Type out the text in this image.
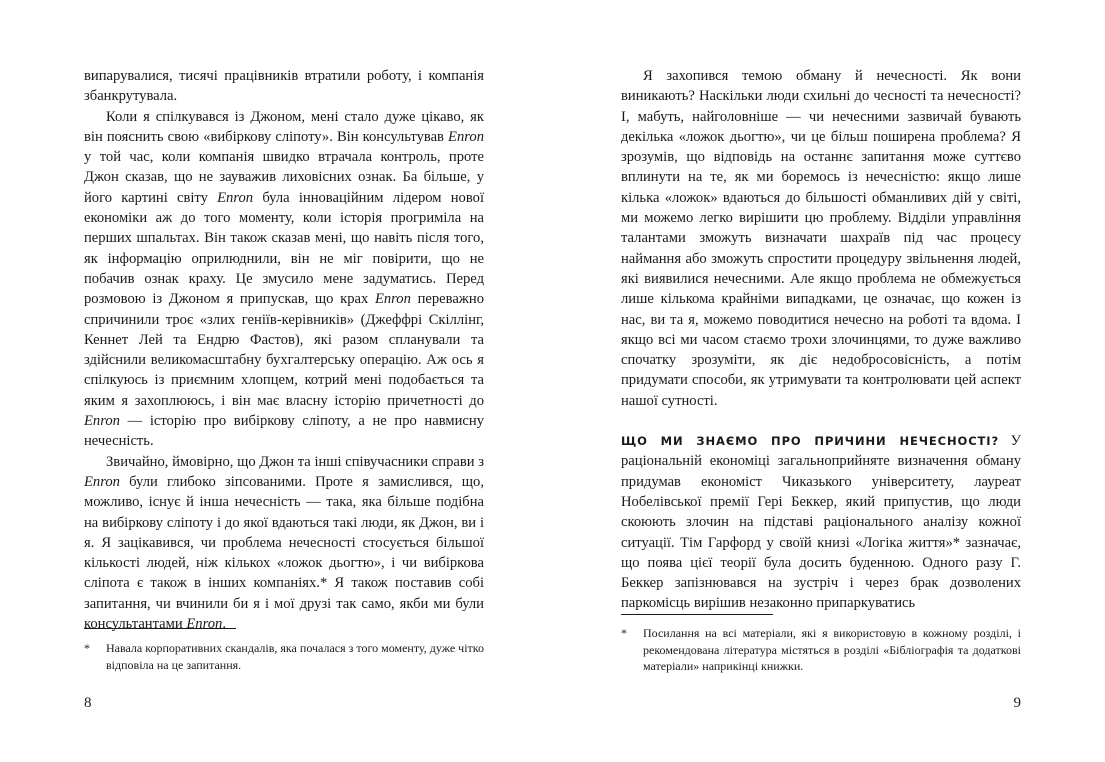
випарувалися, тисячі працівників втратили роботу, і компанія збанкрутувала.

Коли я спілкувався із Джоном, мені стало дуже цікаво, як він пояснить свою «вибіркову сліпоту». Він консультував Enron у той час, коли компанія швидко втрачала контроль, проте Джон сказав, що не зауважив лиховісних ознак. Ба більше, у його картині світу Enron була інноваційним лідером нової економіки аж до того моменту, коли історія прогриміла на перших шпальтах. Він також сказав мені, що навіть після того, як інформацію оприлюднили, він не міг повірити, що не побачив ознак краху. Це змусило мене задуматись. Перед розмовою із Джоном я припускав, що крах Enron переважно спричинили троє «злих геніїв-керівників» (Джеффрі Скіллінг, Кеннет Лей та Ендрю Фастов), які разом спланували та здійснили великомасштабну бухгалтерську операцію. Аж ось я спілкуюсь із приємним хлопцем, котрий мені подобається та яким я захоплююсь, і він має власну історію причетності до Enron — історію про вибіркову сліпоту, а не про навмисну нечесність.

Звичайно, ймовірно, що Джон та інші співучасники справи з Enron були глибоко зіпсованими. Проте я замислився, що, можливо, існує й інша нечесність — така, яка більше подібна на вибіркову сліпоту і до якої вдаються такі люди, як Джон, ви і я. Я зацікавився, чи проблема нечесності стосується більшої кількості людей, ніж кількох «ложок дьогтю», і чи вибіркова сліпота є також в інших компаніях.* Я також поставив собі запитання, чи вчинили би я і мої друзі так само, якби ми були консультантами Enron.

*	Навала корпоративних скандалів, яка почалася з того моменту, дуже чітко відповіла на це запитання.
8

Я захопився темою обману й нечесності. Як вони виникають? Наскільки люди схильні до чесності та нечесності? І, мабуть, найголовніше — чи нечесними зазвичай бувають декілька «ложок дьогтю», чи це більш поширена проблема? Я зрозумів, що відповідь на останнє запитання може суттєво вплинути на те, як ми боремось із нечесністю: якщо лише кілька «ложок» вдаються до більшості обманливих дій у світі, ми можемо легко вирішити цю проблему. Відділи управління талантами зможуть визначати шахраїв під час процесу наймання або зможуть спростити процедуру звільнення людей, які виявилися нечесними. Але якщо проблема не обмежується лише кількома крайніми випадками, це означає, що кожен із нас, ви та я, можемо поводитися нечесно на роботі та вдома. І якщо всі ми часом стаємо трохи злочинцями, то дуже важливо спочатку зрозуміти, як діє недобросовісність, а потім придумати способи, як утримувати та контролювати цей аспект нашої сутності.

ЩО МИ ЗНАЄМО ПРО ПРИЧИНИ НЕЧЕСНОСТІ? У раціональній економіці загальноприйняте визначення обману придумав економіст Чиказького університету, лауреат Нобелівської премії Гері Беккер, який припустив, що люди скоюють злочин на підставі раціонального аналізу кожної ситуації. Тім Гарфорд у своїй книзі «Логіка життя»* зазначає, що поява цієї теорії була досить буденною. Одного разу Г. Беккер запізнювався на зустріч і через брак дозволених паркомісць вирішив незаконно припаркуватись

*	Посилання на всі матеріали, які я використовую в кожному розділі, і рекомендована література містяться в розділі «Бібліографія та додаткові матеріали» наприкінці книжки.
9
